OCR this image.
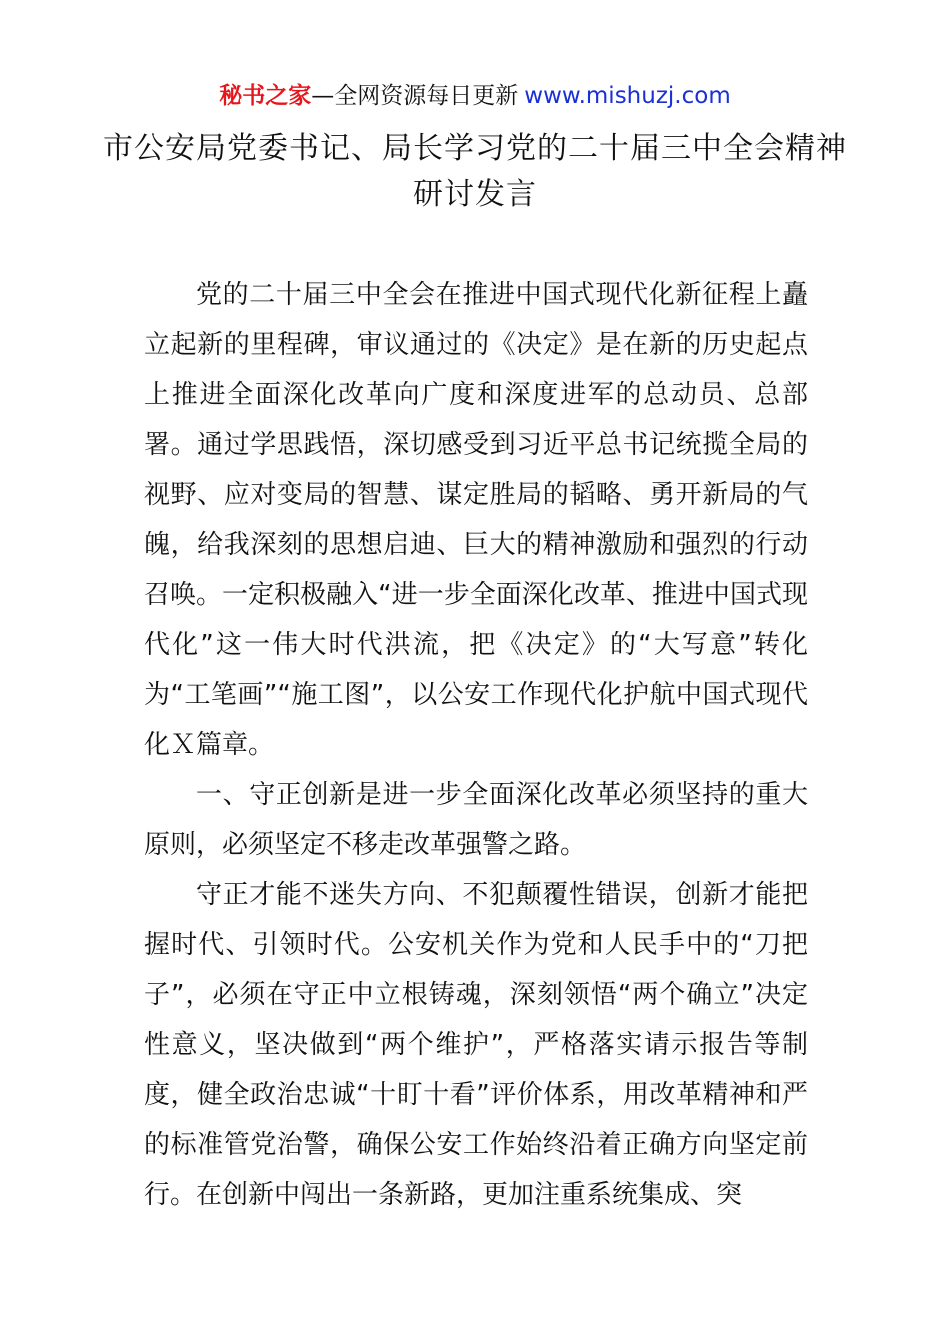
秘书之家—全网资源每日更新 www.mishuzj.com
市公安局党委书记、局长学习党的二十届三中全会精神研讨发言

党的二十届三中全会在推进中国式现代化新征程上矗立起新的里程碑，审议通过的《决定》是在新的历史起点上推进全面深化改革向广度和深度进军的总动员、总部署。通过学思践悟，深切感受到习近平总书记统揽全局的视野、应对变局的智慧、谋定胜局的韬略、勇开新局的气魄，给我深刻的思想启迪、巨大的精神激励和强烈的行动召唤。一定积极融入“进一步全面深化改革、推进中国式现代化”这一伟大时代洪流，把《决定》的“大写意”转化为“工笔画”“施工图”，以公安工作现代化护航中国式现代化Ｘ篇章。

一、守正创新是进一步全面深化改革必须坚持的重大原则，必须坚定不移走改革强警之路。

守正才能不迷失方向、不犯颠覆性错误，创新才能把握时代、引领时代。公安机关作为党和人民手中的“刀把子”，必须在守正中立根铸魂，深刻领悟“两个确立”决定性意义，坚决做到“两个维护”，严格落实请示报告等制度，健全政治忠诚“十盯十看”评价体系，用改革精神和严的标准管党治警，确保公安工作始终沿着正确方向坚定前行。在创新中闯出一条新路，更加注重系统集成、突
